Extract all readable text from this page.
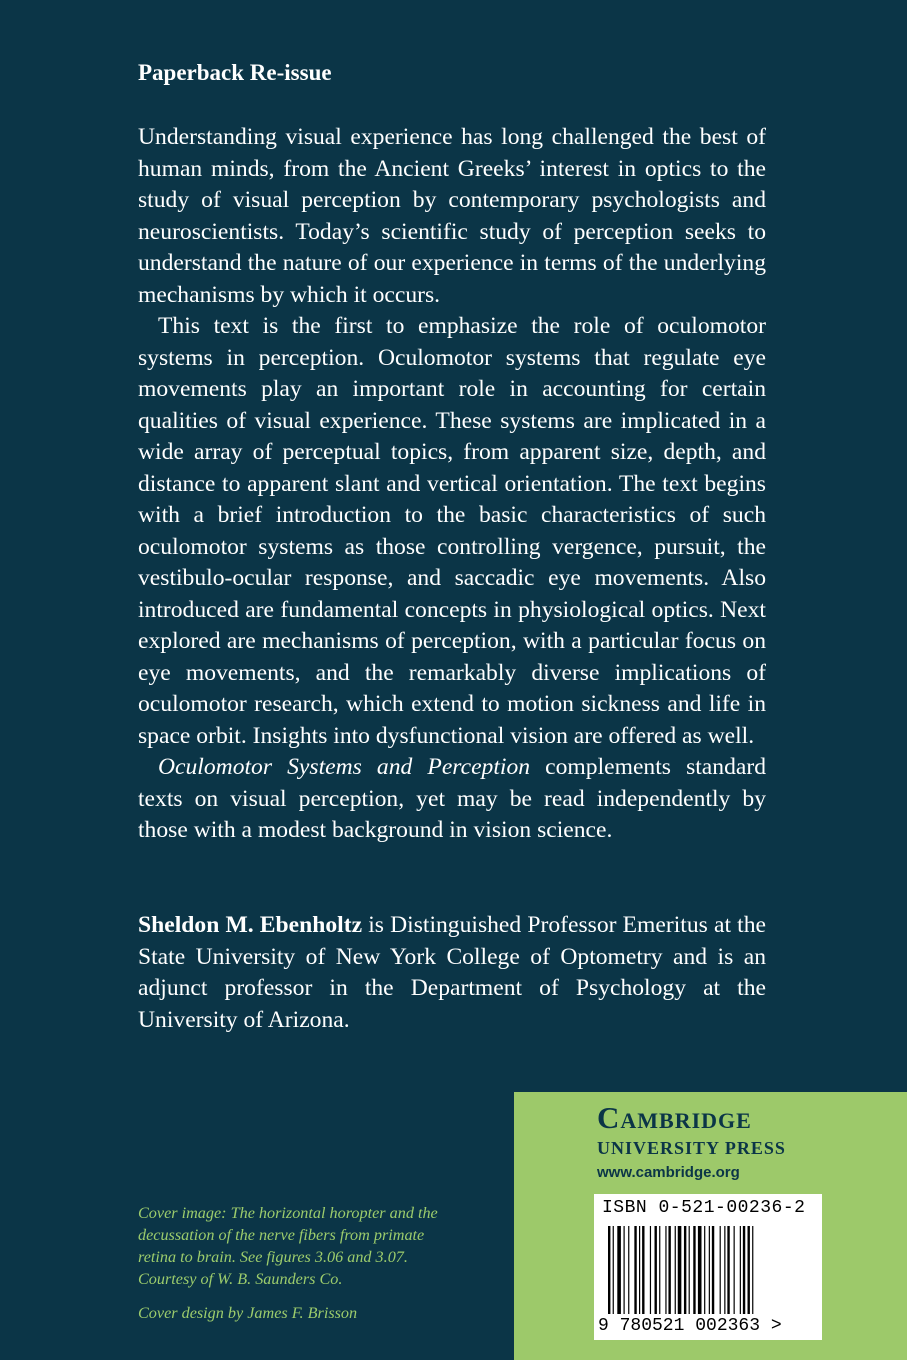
Paperback Re-issue

Understanding visual experience has long challenged the best of human minds, from the Ancient Greeks’ interest in optics to the study of visual perception by contemporary psychologists and neuroscientists. Today’s scientific study of perception seeks to understand the nature of our experience in terms of the underlying mechanisms by which it occurs.

This text is the first to emphasize the role of oculomotor systems in perception. Oculomotor systems that regulate eye movements play an important role in accounting for certain qualities of visual experience. These systems are implicated in a wide array of perceptual topics, from apparent size, depth, and distance to apparent slant and vertical orientation. The text begins with a brief introduction to the basic characteristics of such oculomotor systems as those controlling vergence, pursuit, the vestibulo-ocular response, and saccadic eye movements. Also introduced are fundamental concepts in physiological optics. Next explored are mechanisms of perception, with a particular focus on eye movements, and the remarkably diverse implications of oculomotor research, which extend to motion sickness and life in space orbit. Insights into dysfunctional vision are offered as well.

Oculomotor Systems and Perception complements standard texts on visual perception, yet may be read independently by those with a modest background in vision science.

Sheldon M. Ebenholtz is Distinguished Professor Emeritus at the State University of New York College of Optometry and is an adjunct professor in the Department of Psychology at the University of Arizona.

Cover image: The horizontal horopter and the decussation of the nerve fibers from primate retina to brain. See figures 3.06 and 3.07. Courtesy of W. B. Saunders Co.

Cover design by James F. Brisson

Cambridge
UNIVERSITY PRESS
www.cambridge.org
ISBN 0-521-00236-2
9 780521 002363 >
